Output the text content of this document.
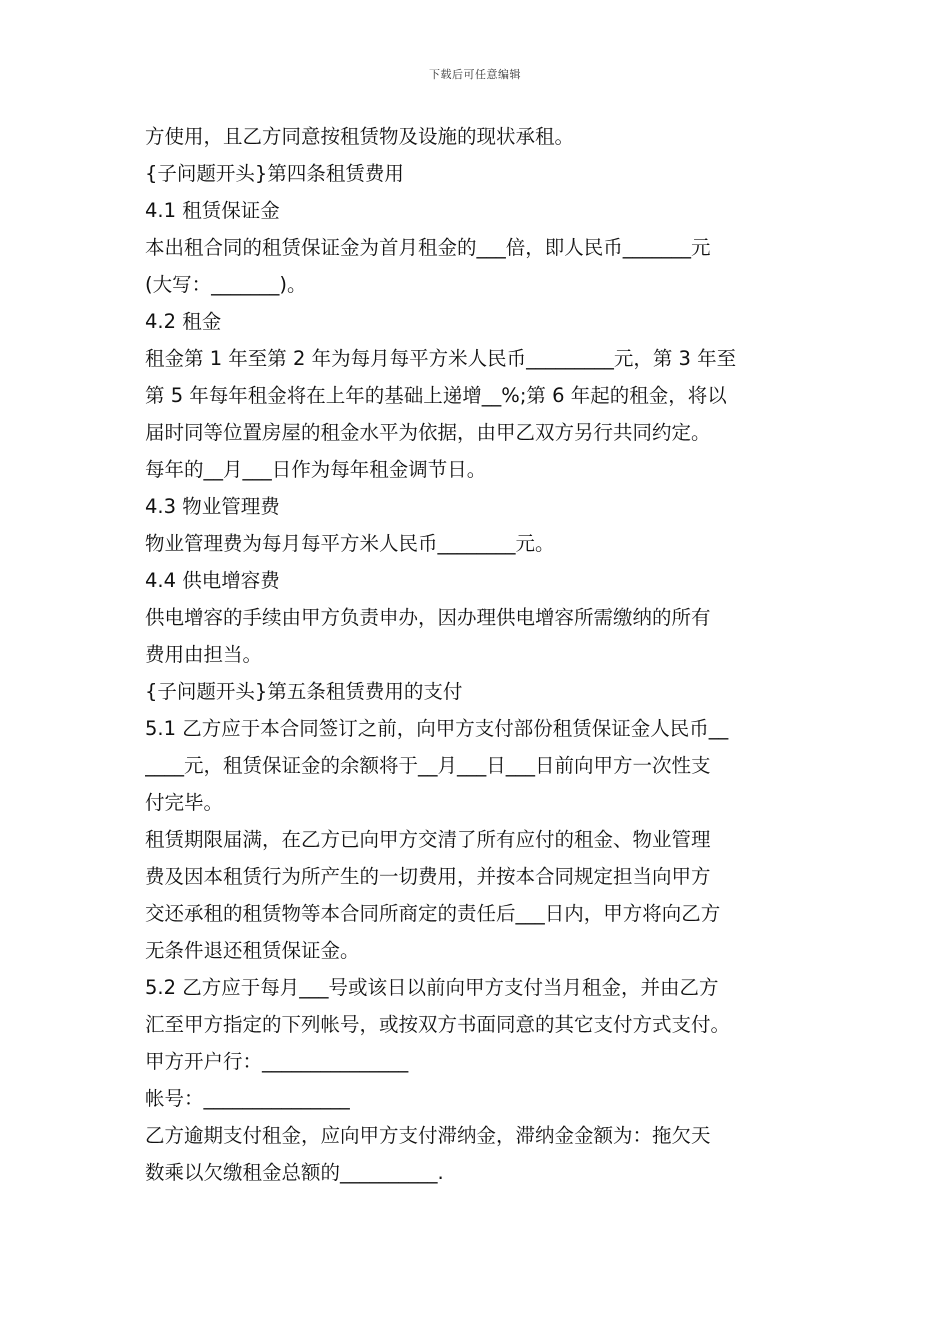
下载后可任意编辑
方使用，且乙方同意按租赁物及设施的现状承租。
{子问题开头}第四条租赁费用
4.1 租赁保证金
本出租合同的租赁保证金为首月租金的___倍，即人民币_______元
(大写：_______)。
4.2 租金
租金第 1 年至第 2 年为每月每平方米人民币_________元，第 3 年至
第 5 年每年租金将在上年的基础上递增__%;第 6 年起的租金，将以
届时同等位置房屋的租金水平为依据，由甲乙双方另行共同约定。
每年的__月___日作为每年租金调节日。
4.3 物业管理费
物业管理费为每月每平方米人民币________元。
4.4 供电增容费
供电增容的手续由甲方负责申办，因办理供电增容所需缴纳的所有
费用由担当。
{子问题开头}第五条租赁费用的支付
5.1 乙方应于本合同签订之前，向甲方支付部份租赁保证金人民币__
____元，租赁保证金的余额将于__月___日___日前向甲方一次性支
付完毕。
租赁期限届满，在乙方已向甲方交清了所有应付的租金、物业管理
费及因本租赁行为所产生的一切费用，并按本合同规定担当向甲方
交还承租的租赁物等本合同所商定的责任后___日内，甲方将向乙方
无条件退还租赁保证金。
5.2 乙方应于每月___号或该日以前向甲方支付当月租金，并由乙方
汇至甲方指定的下列帐号，或按双方书面同意的其它支付方式支付。
甲方开户行：_______________
帐号：_______________
乙方逾期支付租金，应向甲方支付滞纳金，滞纳金金额为：拖欠天
数乘以欠缴租金总额的__________.
